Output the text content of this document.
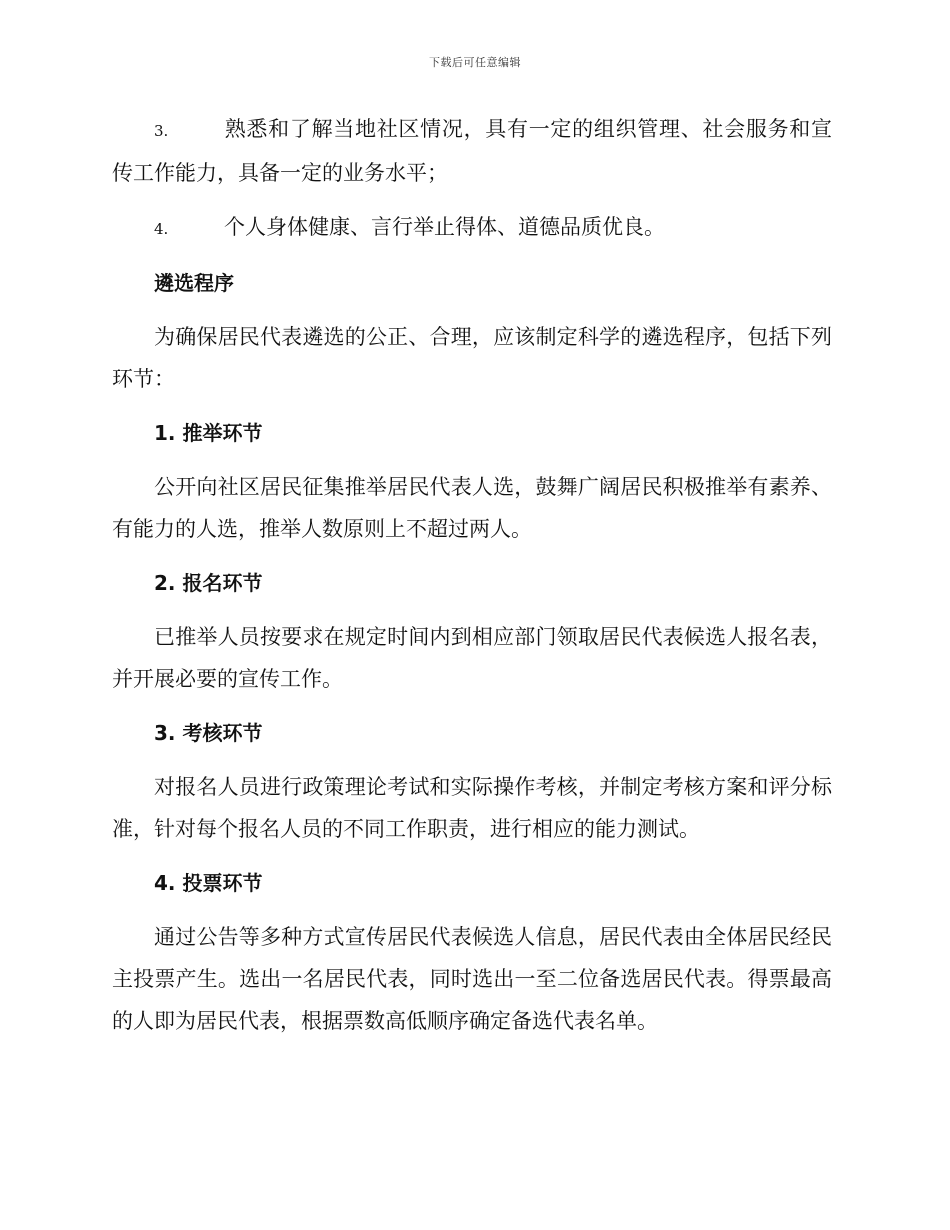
下载后可任意编辑
3.	熟悉和了解当地社区情况，具有一定的组织管理、社会服务和宣传工作能力，具备一定的业务水平；
4.	个人身体健康、言行举止得体、道德品质优良。
遴选程序

为确保居民代表遴选的公正、合理，应该制定科学的遴选程序，包括下列环节：

1. 推举环节

公开向社区居民征集推举居民代表人选，鼓舞广阔居民积极推举有素养、有能力的人选，推举人数原则上不超过两人。

2. 报名环节

已推举人员按要求在规定时间内到相应部门领取居民代表候选人报名表，并开展必要的宣传工作。

3. 考核环节

对报名人员进行政策理论考试和实际操作考核，并制定考核方案和评分标准，针对每个报名人员的不同工作职责，进行相应的能力测试。

4. 投票环节

通过公告等多种方式宣传居民代表候选人信息，居民代表由全体居民经民主投票产生。选出一名居民代表，同时选出一至二位备选居民代表。得票最高的人即为居民代表，根据票数高低顺序确定备选代表名单。
